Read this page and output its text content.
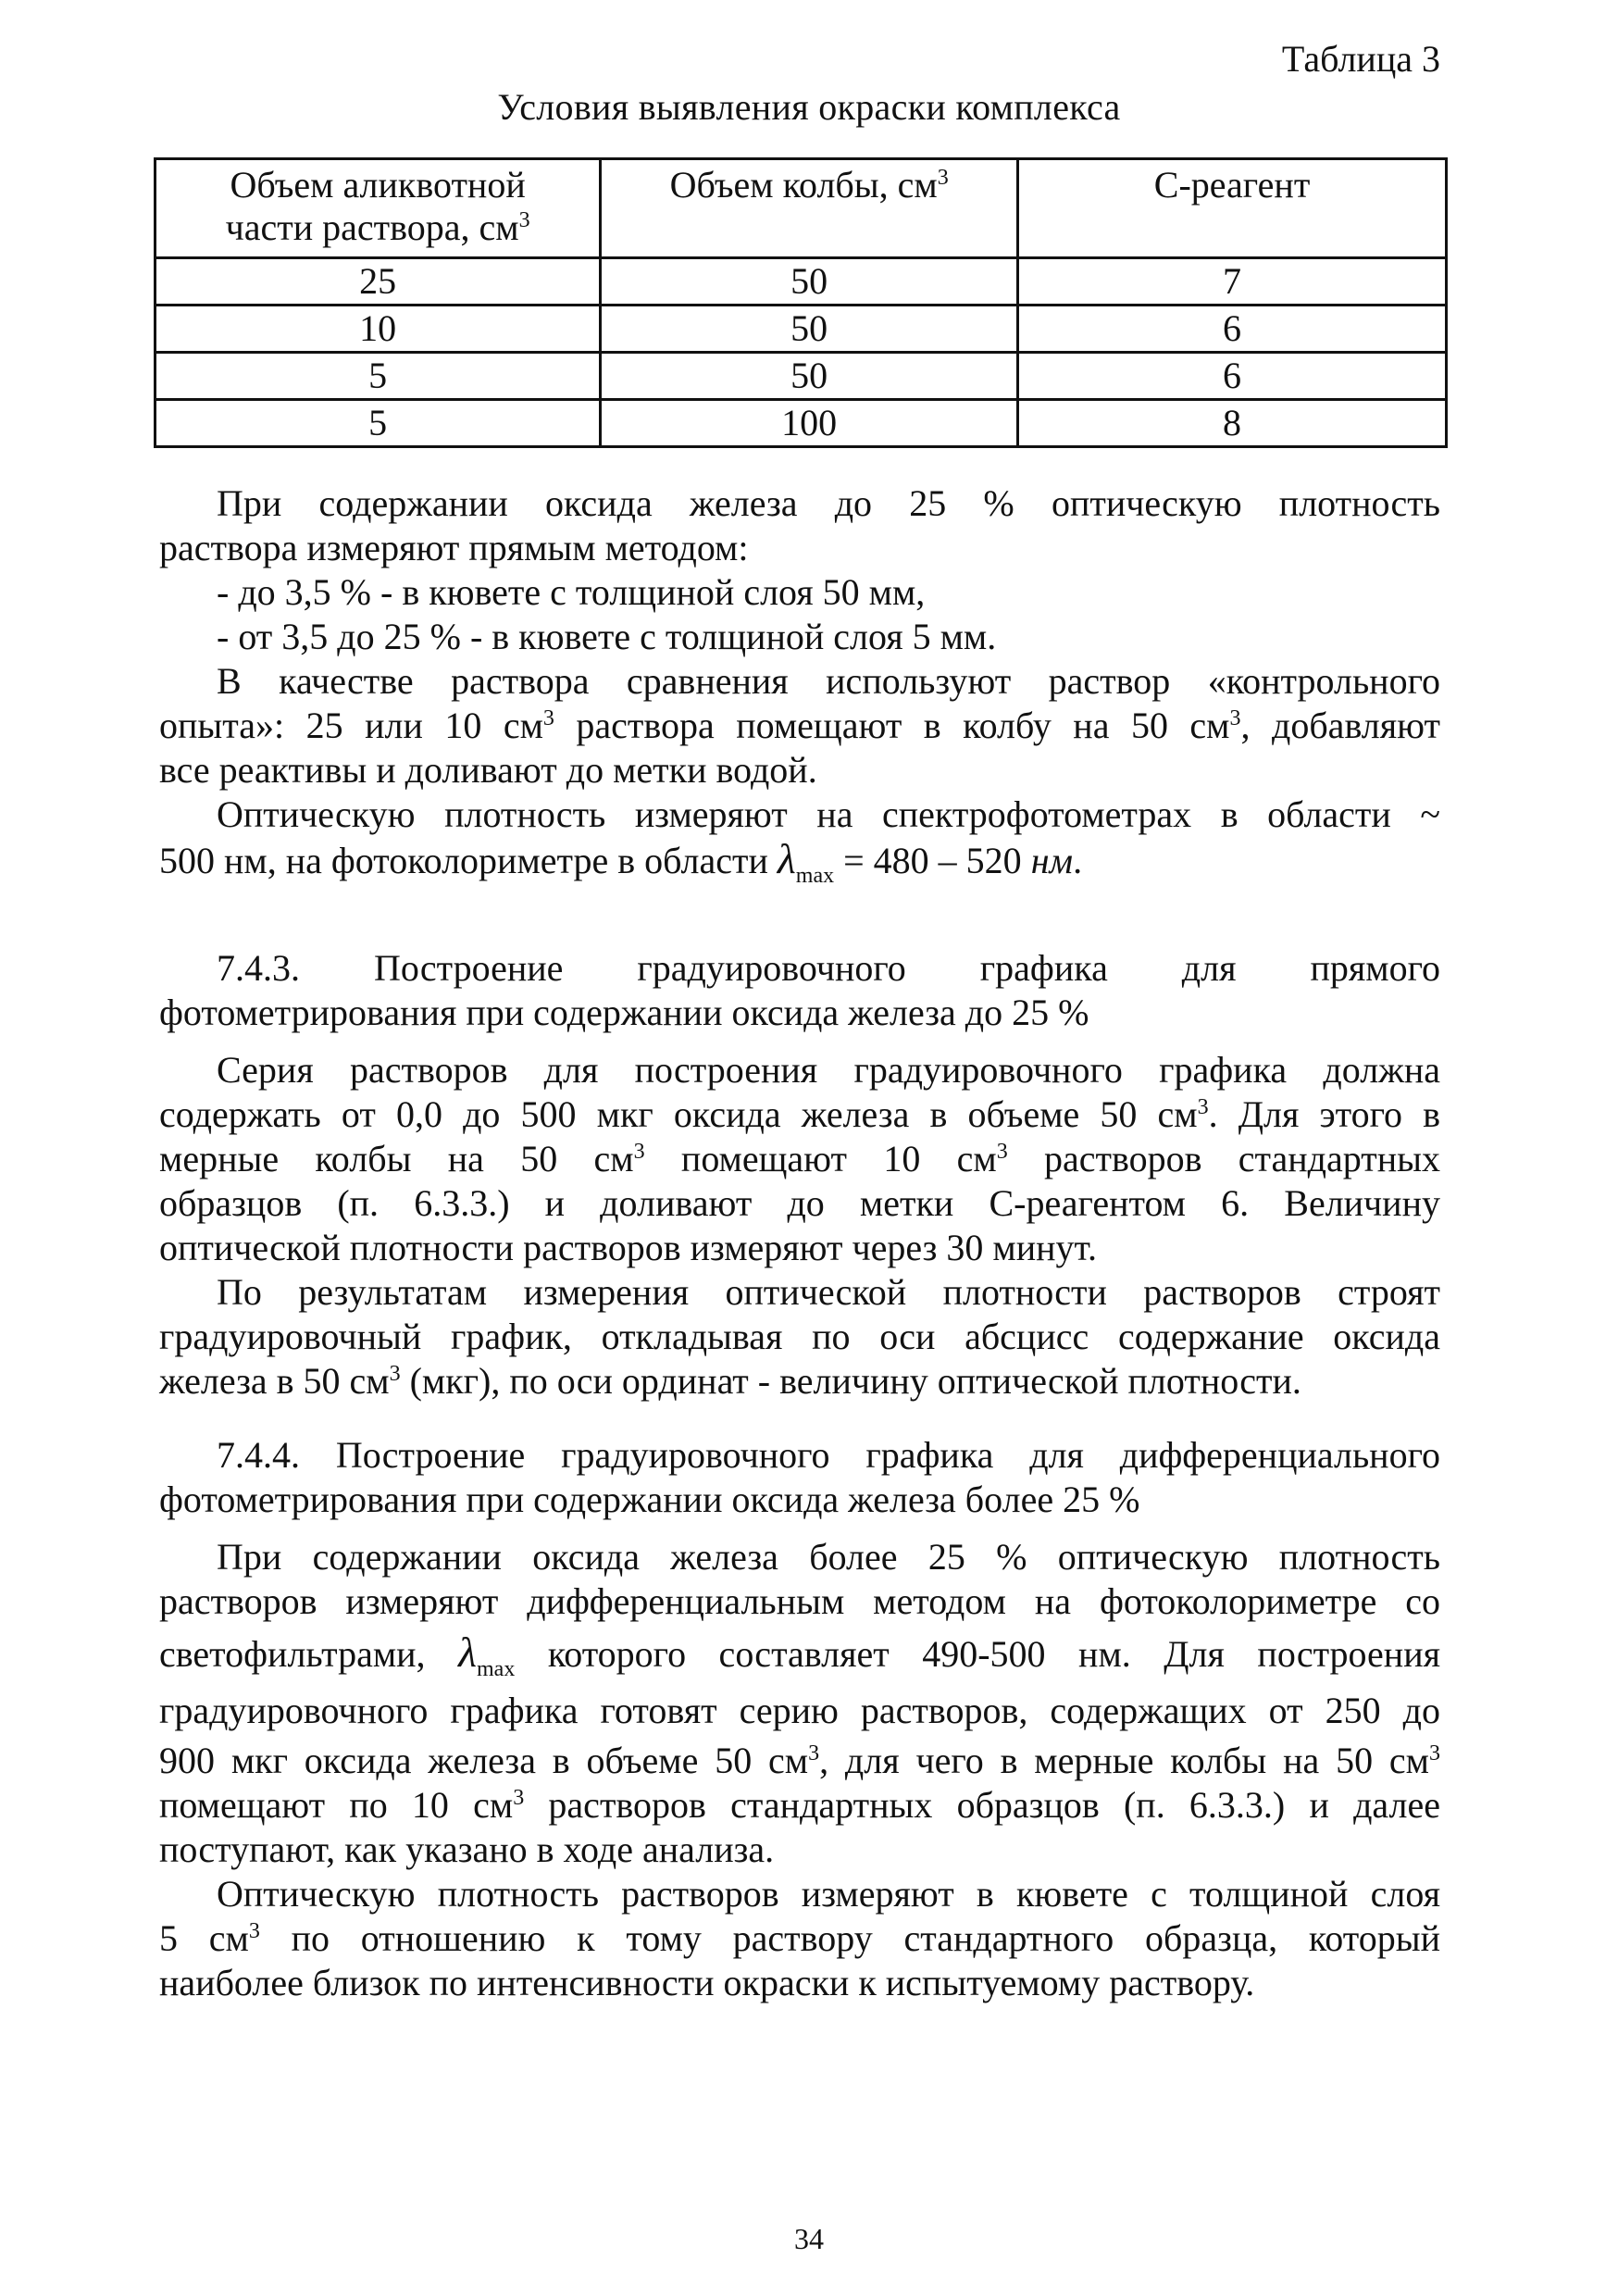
Таблица 3
Условия выявления окраски комплекса
Объем аликвотной
части раствора, $см^3$	Объем колбы, $см^3$	С-реагент
25	50	7
10	50	6
5	50	6
5	100	8
При содержании оксида железа до 25 % оптическую плотность
раствора измеряют прямым методом:
- до 3,5 % - в кювете с толщиной слоя 50 мм,
- от 3,5 до 25 % - в кювете с толщиной слоя 5 мм.
В качестве раствора сравнения используют раствор «контрольного
опыта»: 25 или 10 $см^3$ раствора помещают в колбу на 50 $см^3$, добавляют
все реактивы и доливают до метки водой.
Оптическую плотность измеряют на спектрофотометрах в области ~
500 нм, на фотоколориметре в области $\lambda_{max} = 480 - 520$ нм.
7.4.3. Построение градуировочного графика для прямого
фотометрирования при содержании оксида железа до 25 %
Серия растворов для построения градуировочного графика должна
содержать от 0,0 до 500 мкг оксида железа в объеме 50 $см^3$. Для этого в
мерные колбы на 50 $см^3$ помещают 10 $см^3$ растворов стандартных
образцов (п. 6.3.3.) и доливают до метки С-реагентом 6. Величину
оптической плотности растворов измеряют через 30 минут.
По результатам измерения оптической плотности растворов строят
градуировочный график, откладывая по оси абсцисс содержание оксида
железа в 50 $см^3$ (мкг), по оси ординат - величину оптической плотности.
7.4.4. Построение градуировочного графика для дифференциального
фотометрирования при содержании оксида железа более 25 %
При содержании оксида железа более 25 % оптическую плотность
растворов измеряют дифференциальным методом на фотоколориметре со
светофильтрами, $\lambda_{max}$ которого составляет 490-500 нм. Для построения
градуировочного графика готовят серию растворов, содержащих от 250 до
900 мкг оксида железа в объеме 50 $см^3$, для чего в мерные колбы на 50 $см^3$
помещают по 10 $см^3$ растворов стандартных образцов (п. 6.3.3.) и далее
поступают, как указано в ходе анализа.
Оптическую плотность растворов измеряют в кювете с толщиной слоя
5 $см^3$ по отношению к тому раствору стандартного образца, который
наиболее близок по интенсивности окраски к испытуемому раствору.
34
